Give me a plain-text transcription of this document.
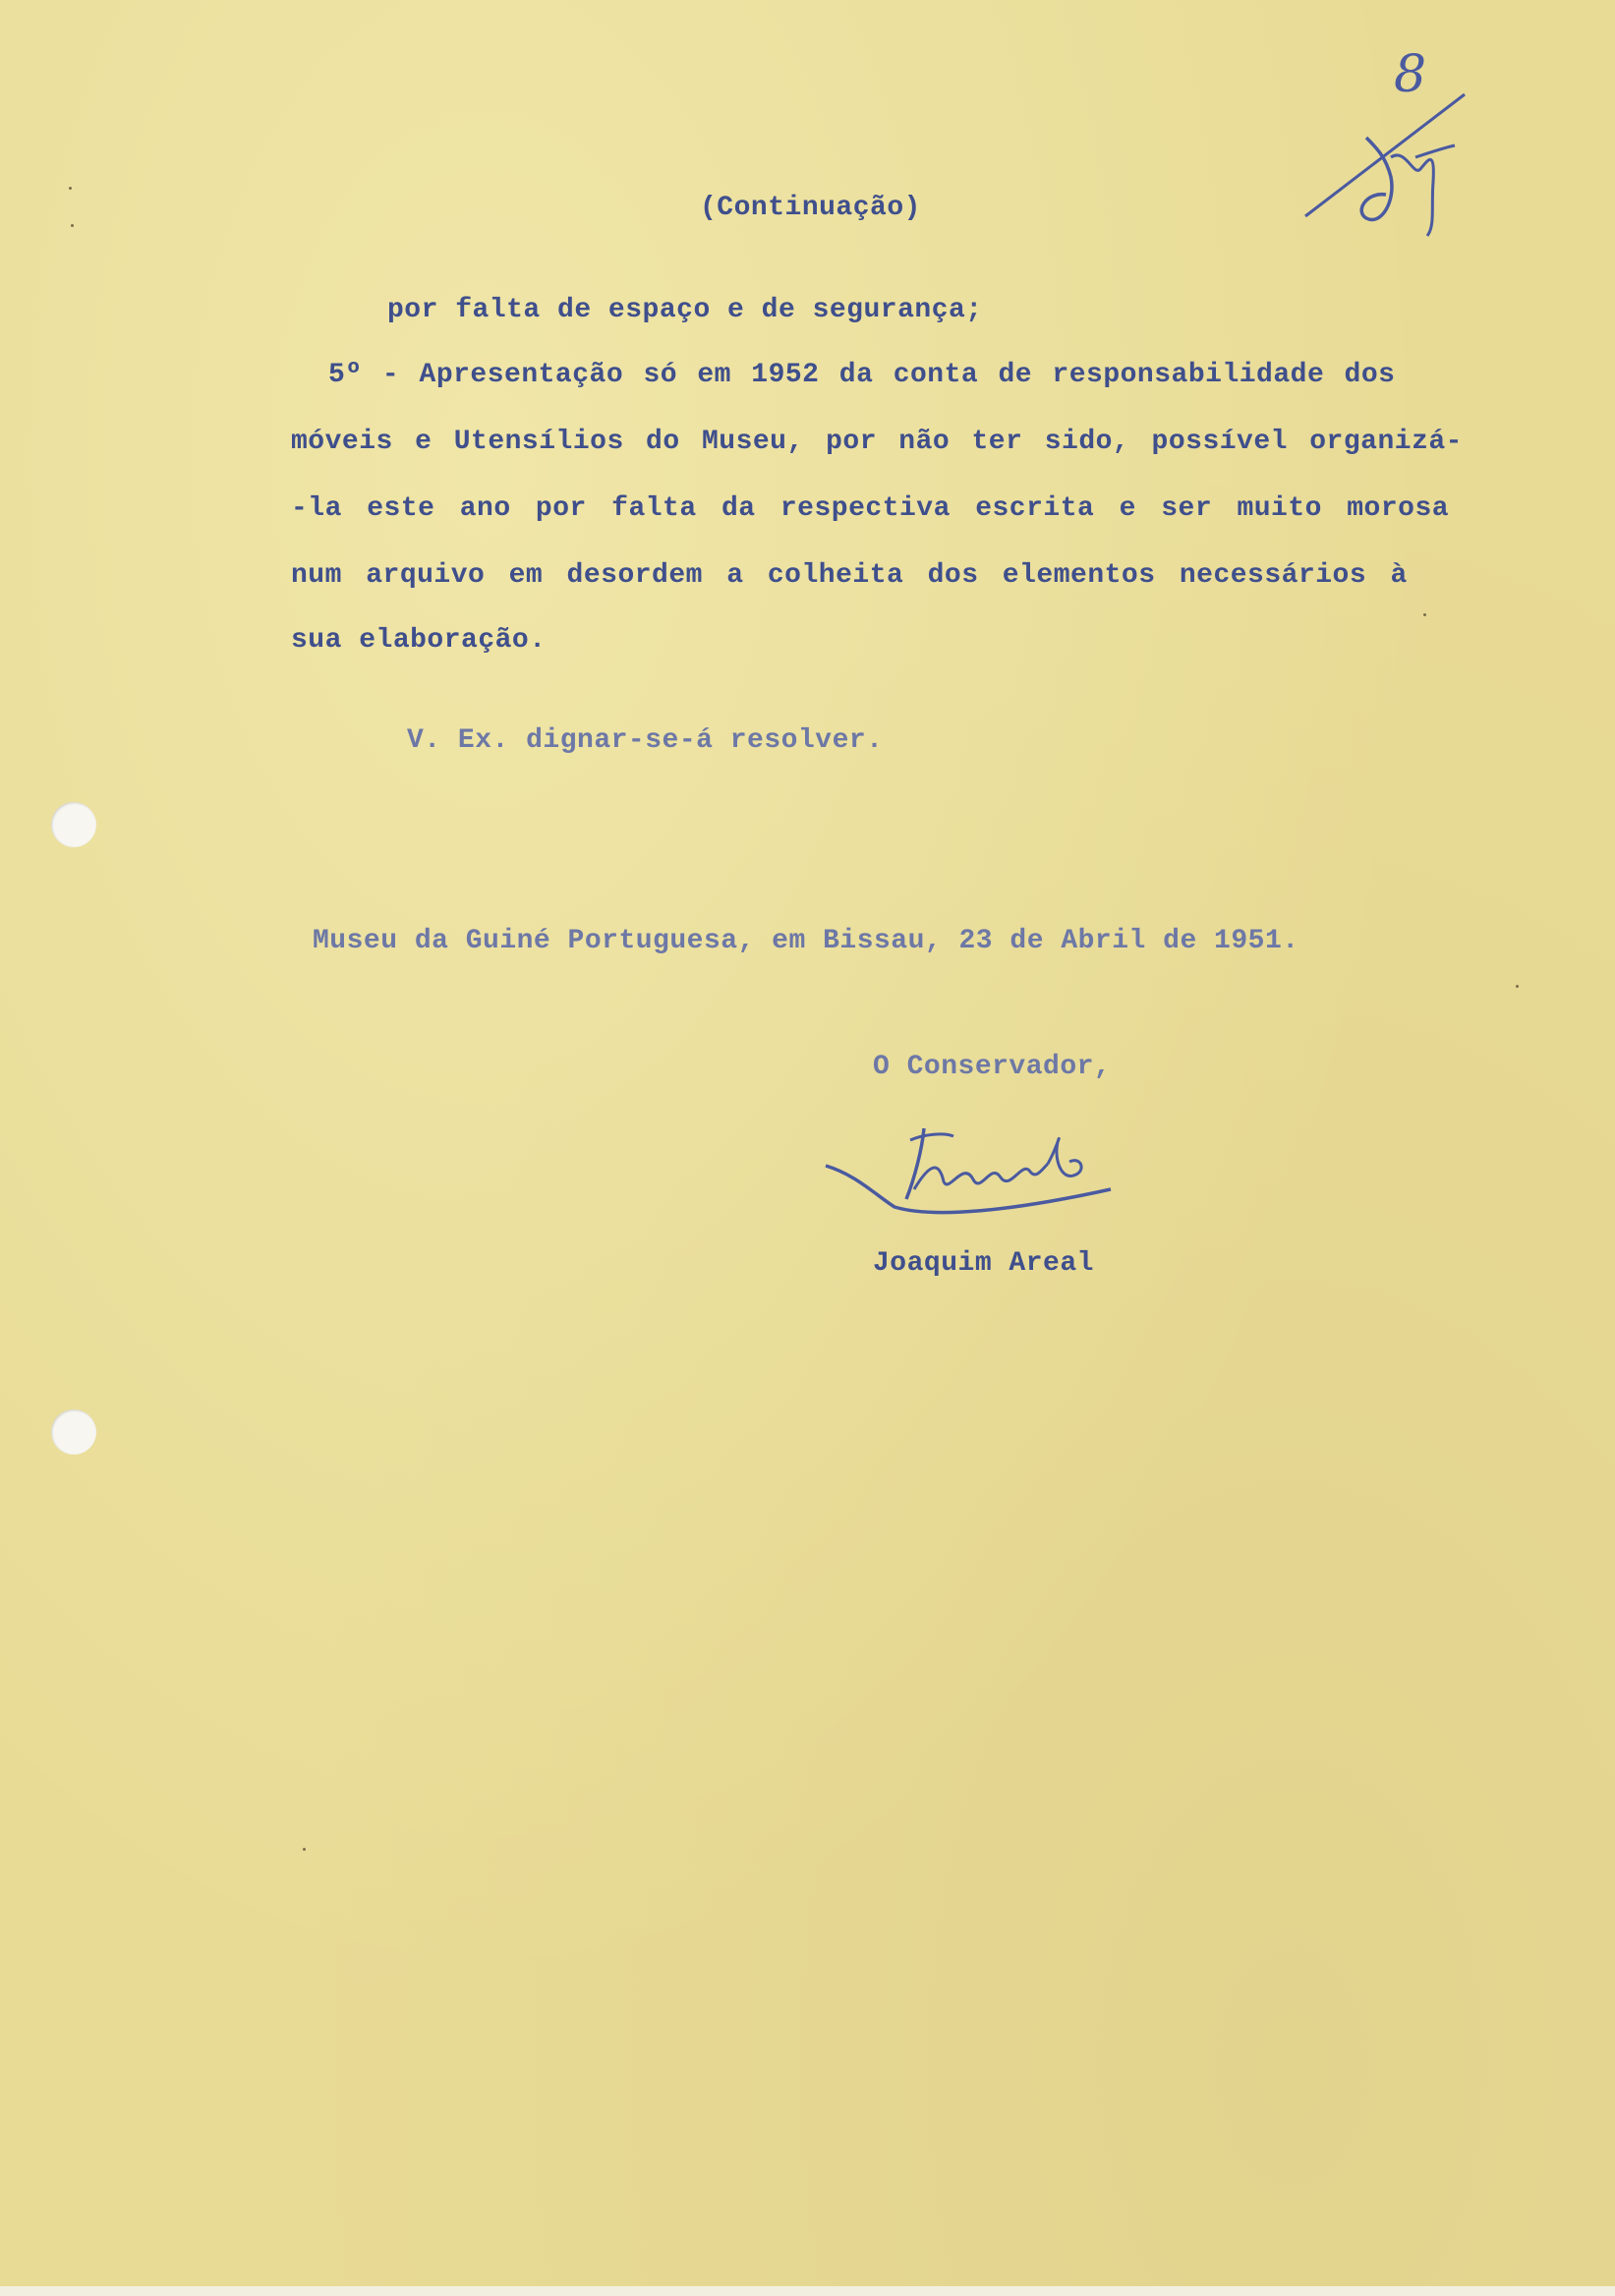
8
(Continuação)
por falta de espaço e de segurança;
5º - Apresentação só em 1952 da conta de responsabilidade dos
móveis e Utensílios do Museu, por não ter sido, possível organizá-
-la este ano por falta da respectiva escrita e ser muito morosa
num arquivo em desordem a colheita dos elementos necessários à
sua elaboração.
V. Ex. dignar-se-á resolver.
Museu da Guiné Portuguesa, em Bissau, 23 de Abril de 1951.
O Conservador,
Joaquim Areal
